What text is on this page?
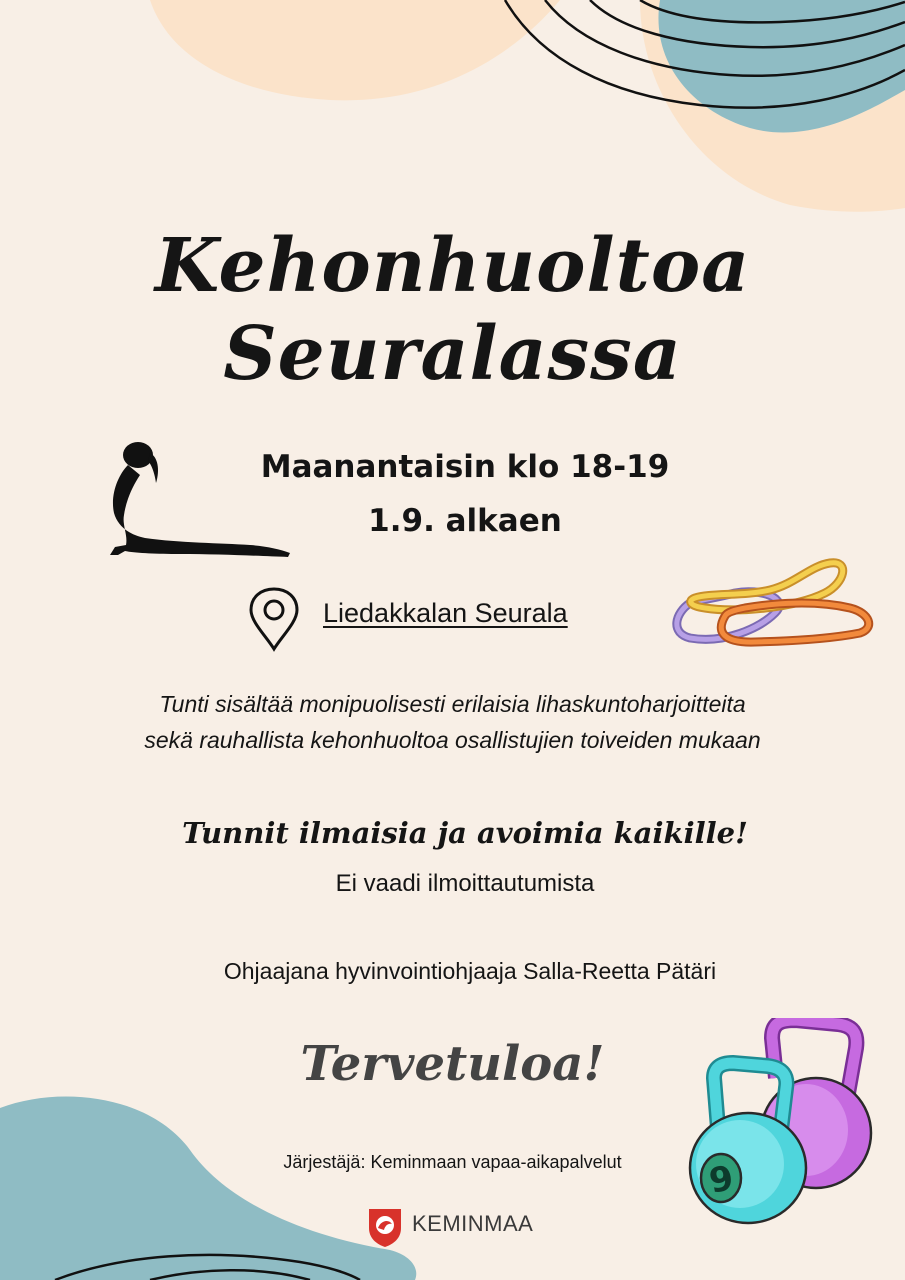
Kehonhuoltoa
Seuralassa
Maanantaisin klo 18-19
1.9. alkaen
Liedakkalan Seurala
Tunti sisältää monipuolisesti erilaisia lihaskuntoharjoitteita
sekä rauhallista kehonhuoltoa osallistujien toiveiden mukaan
Tunnit ilmaisia ja avoimia kaikille!
Ei vaadi ilmoittautumista
Ohjaajana hyvinvointiohjaaja Salla-Reetta Pätäri
Tervetuloa!
Järjestäjä: Keminmaan vapaa-aikapalvelut	9
KEMINMAA
